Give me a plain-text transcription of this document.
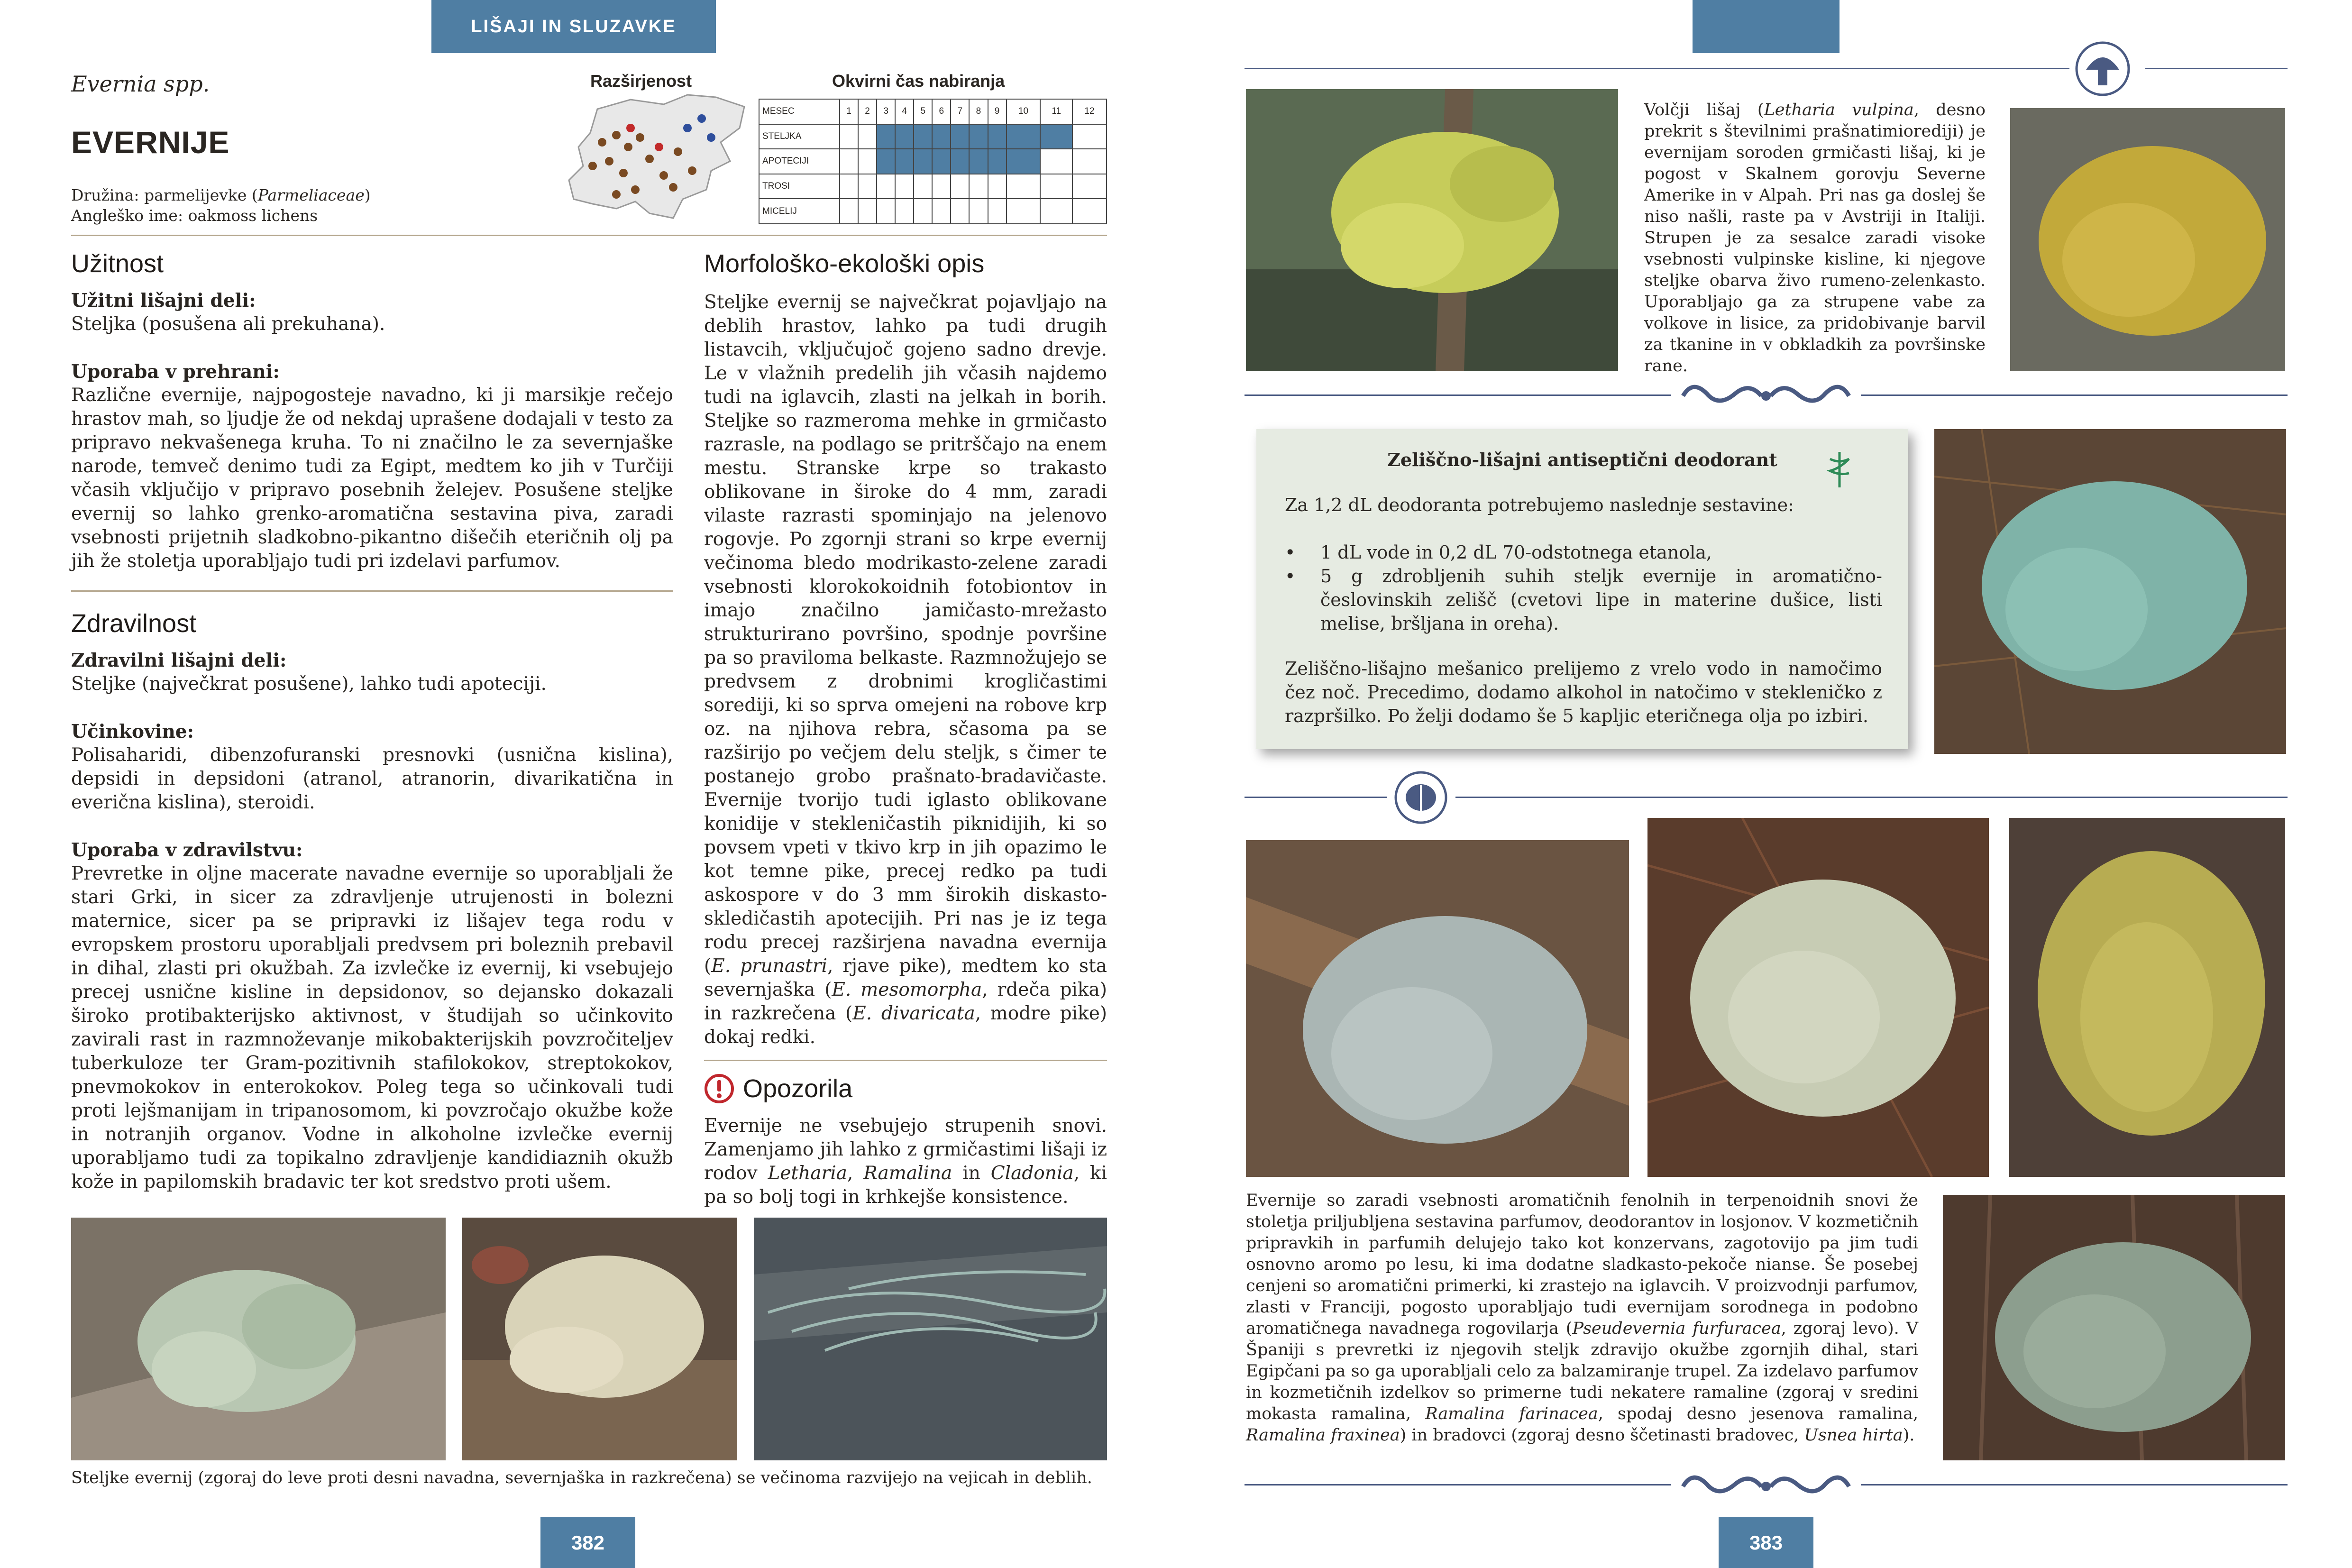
LIŠAJI IN SLUZAVKE
Evernia spp.
EVERNIJE
Družina: parmelijevke (Parmeliaceae)
Angleško ime: oakmoss lichens
Razširjenost	Okvirni čas nabiranja
MESEC	1	2	3	4	5	6	7	8	9	10	11	12
STELJKA												
APOTECIJI												
TROSI												
MICELIJ												
Užitnost
Užitni lišajni deli:
Steljka (posušena ali prekuhana).
Uporaba v prehrani:
Različne evernije, najpogosteje navadno, ki ji marsikje rečejo hrastov mah, so ljudje že od nekdaj uprašene dodajali v testo za pripravo nekvašenega kruha. To ni značilno le za severnjaške narode, temveč denimo tudi za Egipt, medtem ko jih v Turčiji včasih vključijo v pripravo posebnih želejev. Posušene steljke evernij so lahko grenko-aromatična sestavina piva, zaradi vsebnosti prijetnih sladkobno-pikantno dišečih eteričnih olj pa jih že stoletja uporabljajo tudi pri izdelavi parfumov.
Zdravilnost
Zdravilni lišajni deli:
Steljke (največkrat posušene), lahko tudi apoteciji.
Učinkovine:
Polisaharidi, dibenzofuranski presnovki (usnična kislina), depsidi in depsidoni (atranol, atranorin, divarikatična in everična kislina), steroidi.
Uporaba v zdravilstvu:
Prevretke in oljne macerate navadne evernije so uporabljali že stari Grki, in sicer za zdravljenje utrujenosti in bolezni maternice, sicer pa se pripravki iz lišajev tega rodu v evropskem prostoru uporabljali predvsem pri boleznih prebavil in dihal, zlasti pri okužbah. Za izvlečke iz evernij, ki vsebujejo precej usnične kisline in depsidonov, so dejansko dokazali široko protibakterijsko aktivnost, v študijah so učinkovito zavirali rast in razmnoževanje mikobakterijskih povzročiteljev tuberkuloze ter Gram-pozitivnih stafilokokov, streptokokov, pnevmokokov in enterokokov. Poleg tega so učinkovali tudi proti lejšmanijam in tripanosomom, ki povzročajo okužbe kože in notranjih organov. Vodne in alkoholne izvlečke evernij uporabljamo tudi za topikalno zdravljenje kandidiaznih okužb kože in papilomskih bradavic ter kot sredstvo proti ušem.
Morfološko-ekološki opis
Steljke evernij se največkrat pojavljajo na deblih hrastov, lahko pa tudi drugih listavcih, vključujoč gojeno sadno drevje. Le v vlažnih predelih jih včasih najdemo tudi na iglavcih, zlasti na jelkah in borih. Steljke so razmeroma mehke in grmičasto razrasle, na podlago se pritrščajo na enem mestu. Stranske krpe so trakasto oblikovane in široke do 4 mm, zaradi vilaste razrasti spominjajo na jelenovo rogovje. Po zgornji strani so krpe evernij večinoma bledo modrikasto-zelene zaradi vsebnosti klorokokoidnih fotobiontov in imajo značilno jamičasto-mrežasto strukturirano površino, spodnje površine pa so praviloma belkaste. Razmnožujejo se predvsem z drobnimi krogličastimi sorediji, ki so sprva omejeni na robove krp oz. na njihova rebra, sčasoma pa se razširijo po večjem delu steljk, s čimer te postanejo grobo prašnato-bradavičaste. Evernije tvorijo tudi iglasto oblikovane konidije v stekleničastih piknidijih, ki so povsem vpeti v tkivo krp in jih opazimo le kot temne pike, precej redko pa tudi askospore v do 3 mm širokih diskasto-skledičastih apotecijih. Pri nas je iz tega rodu precej razširjena navadna evernija (E. prunastri, rjave pike), medtem ko sta severnjaška (E. mesomorpha, rdeča pika) in razkrečena (E. divaricata, modre pike) dokaj redki.
Opozorila
Evernije ne vsebujejo strupenih snovi. Zamenjamo jih lahko z grmičastimi lišaji iz rodov Letharia, Ramalina in Cladonia, ki pa so bolj togi in krhkejše konsistence.
Steljke evernij (zgoraj do leve proti desni navadna, severnjaška in razkrečena) se večinoma razvijejo na vejicah in deblih.
382
Volčji lišaj (Letharia vulpina, desno prekrit s številnimi prašnatimiorediji) je evernijam soroden grmičasti lišaj, ki je pogost v Skalnem gorovju Severne Amerike in v Alpah. Pri nas ga doslej še niso našli, raste pa v Avstriji in Italiji. Strupen je za sesalce zaradi visoke vsebnosti vulpinske kisline, ki njegove steljke obarva živo rumeno-zelenkasto. Uporabljajo ga za strupene vabe za volkove in lisice, za pridobivanje barvil za tkanine in v obkladkih za površinske rane.
Zeliščno-lišajni antiseptični deodorant
Za 1,2 dL deodoranta potrebujemo naslednje sestavine:
•	1 dL vode in 0,2 dL 70-odstotnega etanola,
•	5 g zdrobljenih suhih steljk evernije in aromatično-česlovinskih zelišč (cvetovi lipe in materine dušice, listi melise, bršljana in oreha).
Zeliščno-lišajno mešanico prelijemo z vrelo vodo in namočimo čez noč. Precedimo, dodamo alkohol in natočimo v stekleničko z razpršilko. Po želji dodamo še 5 kapljic eteričnega olja po izbiri.
Evernije so zaradi vsebnosti aromatičnih fenolnih in terpenoidnih snovi že stoletja priljubljena sestavina parfumov, deodorantov in losjonov. V kozmetičnih pripravkih in parfumih delujejo tako kot konzervans, zagotovijo pa jim tudi osnovno aromo po lesu, ki ima dodatne sladkasto-pekoče nianse. Še posebej cenjeni so aromatični primerki, ki zrastejo na iglavcih. V proizvodnji parfumov, zlasti v Franciji, pogosto uporabljajo tudi evernijam sorodnega in podobno aromatičnega navadnega rogovilarja (Pseudevernia furfuracea, zgoraj levo). V Španiji s prevretki iz njegovih steljk zdravijo okužbe zgornjih dihal, stari Egipčani pa so ga uporabljali celo za balzamiranje trupel. Za izdelavo parfumov in kozmetičnih izdelkov so primerne tudi nekatere ramaline (zgoraj v sredini mokasta ramalina, Ramalina farinacea, spodaj desno jesenova ramalina, Ramalina fraxinea) in bradovci (zgoraj desno ščetinasti bradovec, Usnea hirta).
383
